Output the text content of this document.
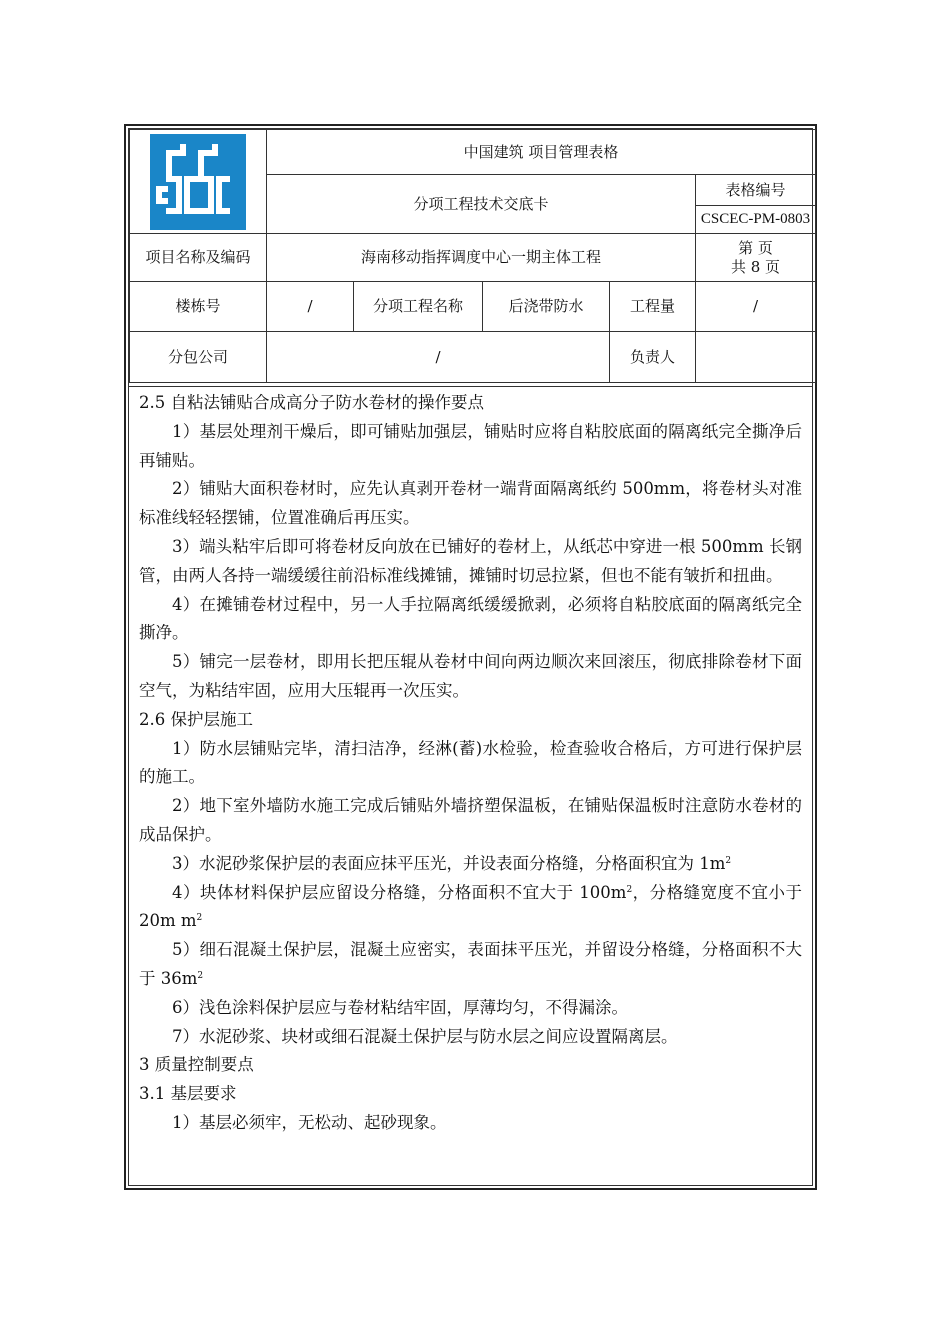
	中国建筑 项目管理表格				
	分项工程技术交底卡				表格编号
					CSCEC-PM-0803
项目名称及编码	海南移动指挥调度中心一期主体工程				第 页
共 8 页

楼栋号	/	分项工程名称	后浇带防水	工程量	/
分包公司	/			负责人	

2.5 自粘法铺贴合成高分子防水卷材的操作要点

1）基层处理剂干燥后，即可铺贴加强层，铺贴时应将自粘胶底面的隔离纸完全撕净后再铺贴。

2）铺贴大面积卷材时，应先认真剥开卷材一端背面隔离纸约 500mm，将卷材头对准标准线轻轻摆铺，位置准确后再压实。

3）端头粘牢后即可将卷材反向放在已铺好的卷材上，从纸芯中穿进一根 500mm 长钢管，由两人各持一端缓缓往前沿标准线摊铺，摊铺时切忌拉紧，但也不能有皱折和扭曲。

4）在摊铺卷材过程中，另一人手拉隔离纸缓缓掀剥，必须将自粘胶底面的隔离纸完全撕净。

5）铺完一层卷材，即用长把压辊从卷材中间向两边顺次来回滚压，彻底排除卷材下面空气，为粘结牢固，应用大压辊再一次压实。

2.6 保护层施工

1）防水层铺贴完毕，清扫洁净，经淋(蓄)水检验，检查验收合格后，方可进行保护层的施工。

2）地下室外墙防水施工完成后铺贴外墙挤塑保温板，在铺贴保温板时注意防水卷材的成品保护。

3）水泥砂浆保护层的表面应抹平压光，并设表面分格缝，分格面积宜为 $1m^2$

4）块体材料保护层应留设分格缝，分格面积不宜大于 $100m^2$，分格缝宽度不宜小于 20m $m^2$

5）细石混凝土保护层，混凝土应密实，表面抹平压光，并留设分格缝，分格面积不大于 $36m^2$

6）浅色涂料保护层应与卷材粘结牢固，厚薄均匀，不得漏涂。

7）水泥砂浆、块材或细石混凝土保护层与防水层之间应设置隔离层。

3 质量控制要点

3.1 基层要求

1）基层必须牢，无松动、起砂现象。
